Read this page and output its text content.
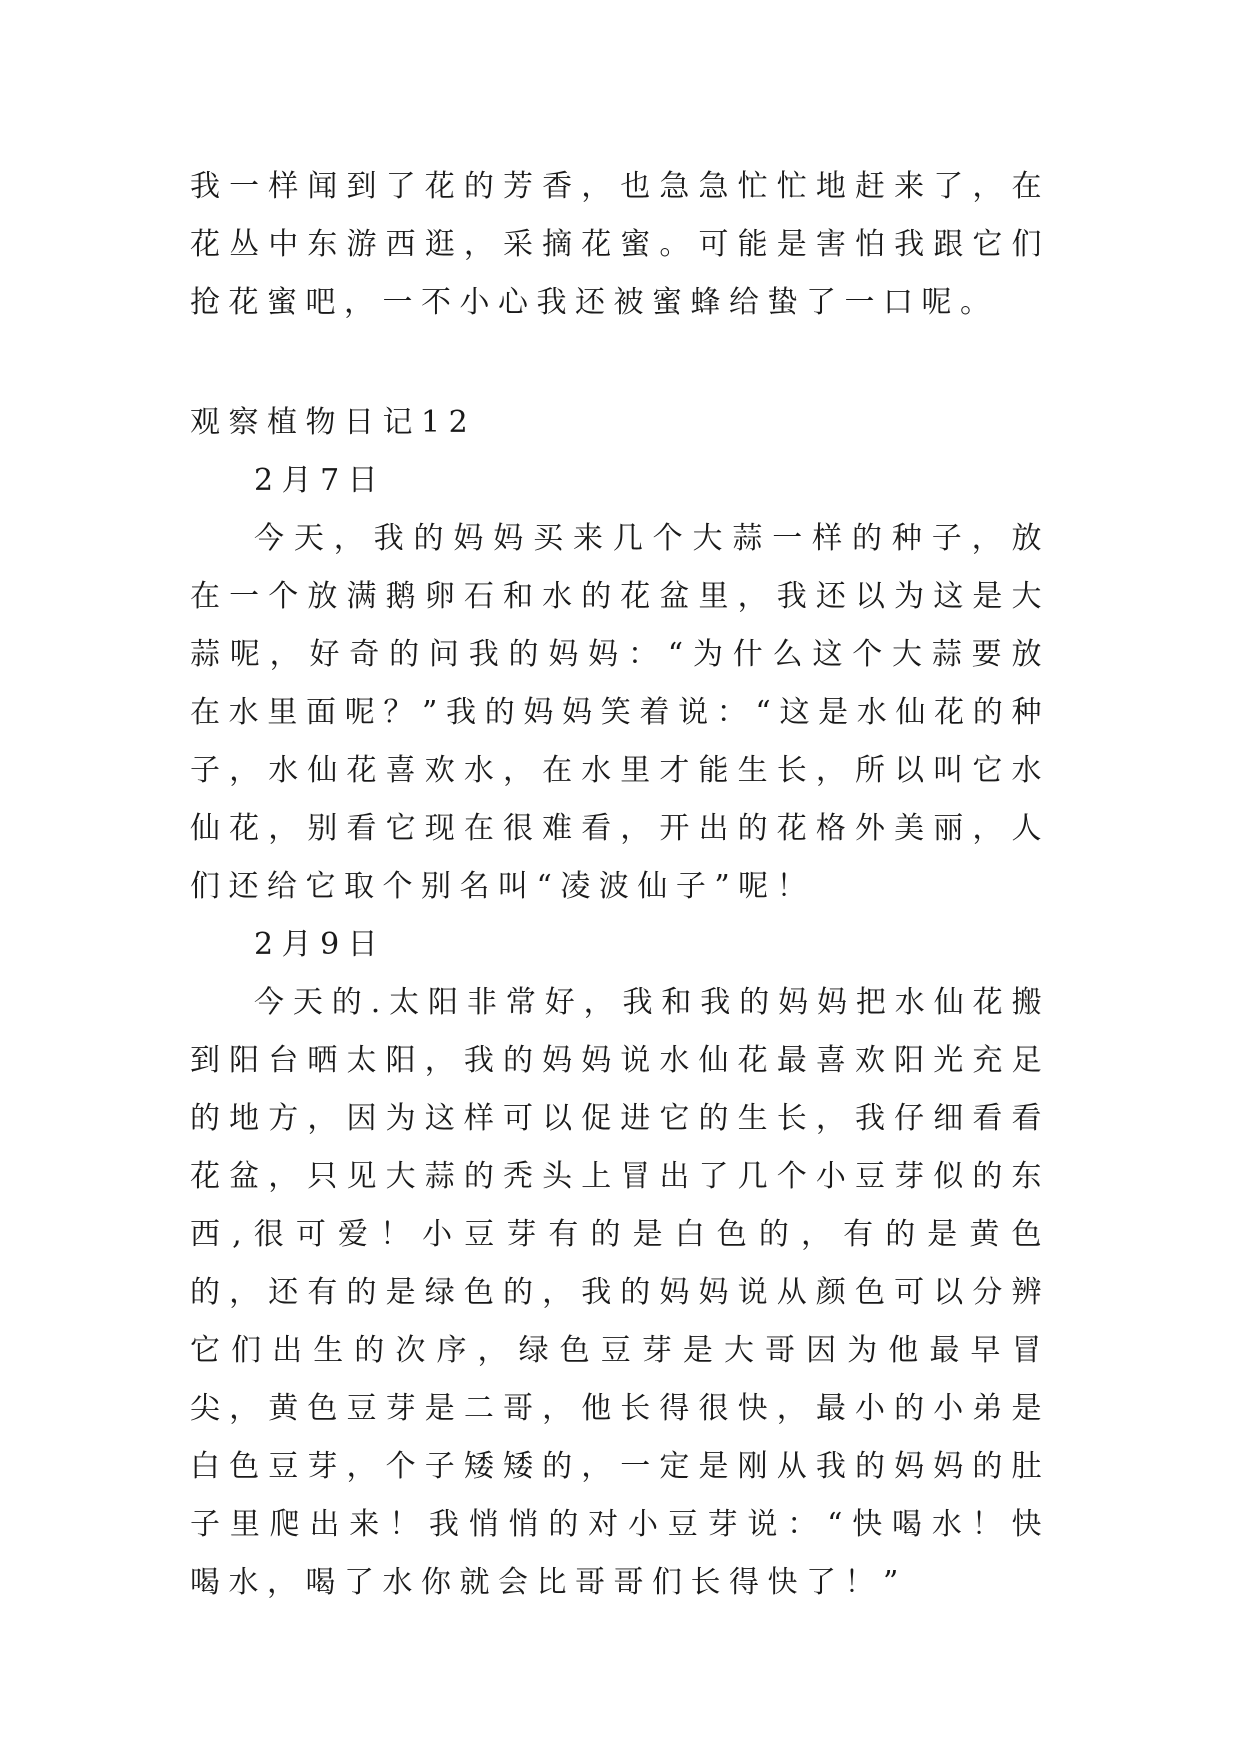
我一样闻到了花的芳香，也急急忙忙地赶来了，在花丛中东游西逛，采摘花蜜。可能是害怕我跟它们抢花蜜吧，一不小心我还被蜜蜂给蛰了一口呢。

观察植物日记12

2月7日

今天，我的妈妈买来几个大蒜一样的种子，放在一个放满鹅卵石和水的花盆里，我还以为这是大蒜呢，好奇的问我的妈妈：“为什么这个大蒜要放在水里面呢？”我的妈妈笑着说：“这是水仙花的种子，水仙花喜欢水，在水里才能生长，所以叫它水仙花，别看它现在很难看，开出的花格外美丽，人们还给它取个别名叫“凌波仙子”呢！

2月9日

今天的.太阳非常好，我和我的妈妈把水仙花搬到阳台晒太阳，我的妈妈说水仙花最喜欢阳光充足的地方，因为这样可以促进它的生长，我仔细看看花盆，只见大蒜的秃头上冒出了几个小豆芽似的东西,很可爱！小豆芽有的是白色的，有的是黄色的，还有的是绿色的，我的妈妈说从颜色可以分辨它们出生的次序，绿色豆芽是大哥因为他最早冒尖，黄色豆芽是二哥，他长得很快，最小的小弟是白色豆芽，个子矮矮的，一定是刚从我的妈妈的肚子里爬出来！我悄悄的对小豆芽说：“快喝水！快喝水，喝了水你就会比哥哥们长得快了！”
